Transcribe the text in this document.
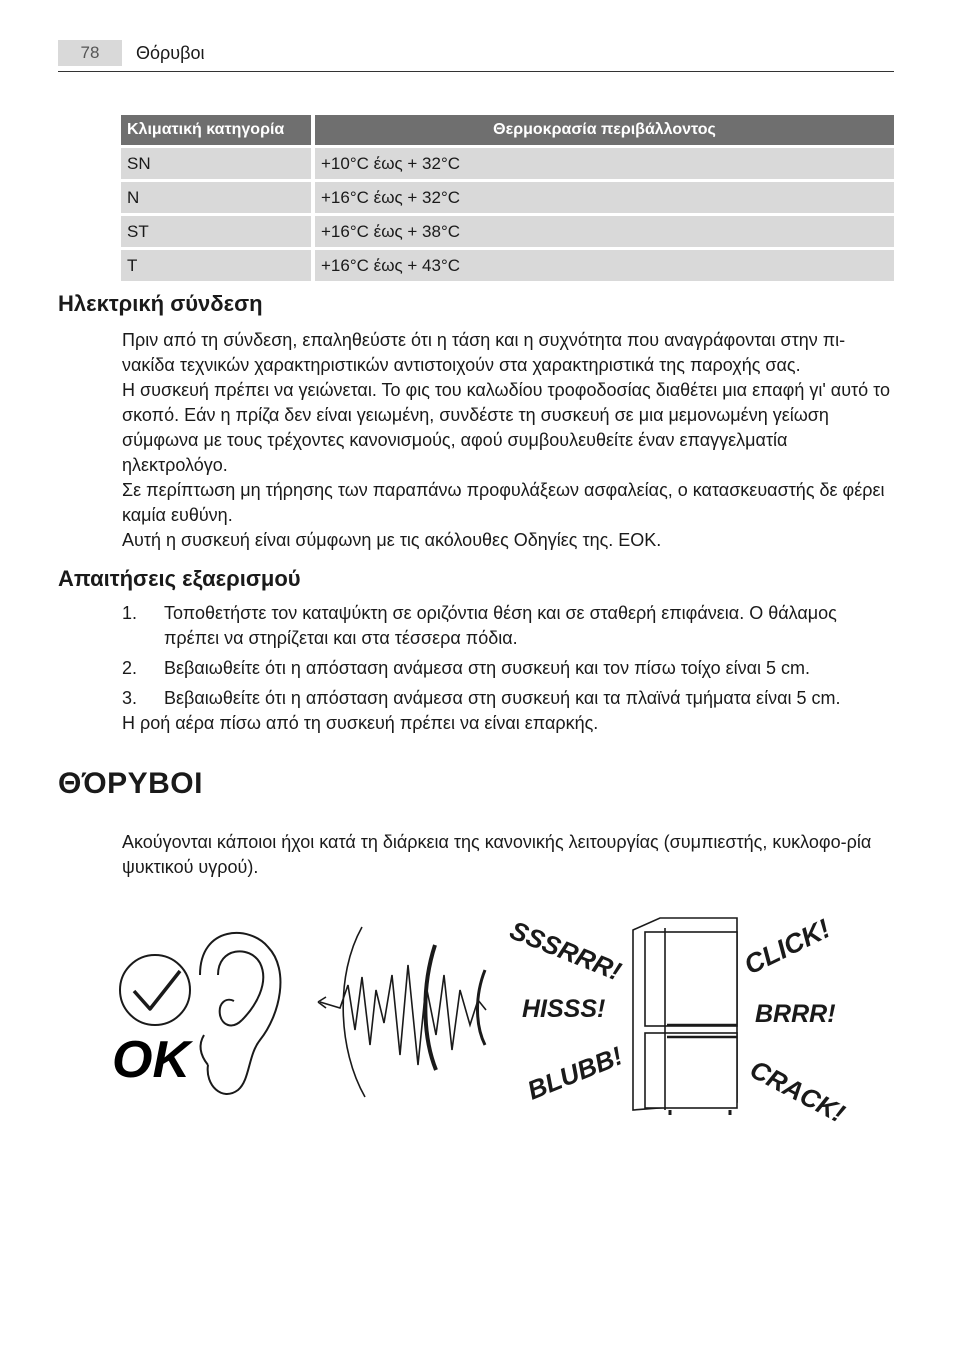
78	Θόρυβοι
Κλιματική κατηγορία	Θερμοκρασία περιβάλλοντος
SN	+10°C έως + 32°C
N	+16°C έως + 32°C
ST	+16°C έως + 38°C
T	+16°C έως + 43°C
Ηλεκτρική σύνδεση

Πριν από τη σύνδεση, επαληθεύστε ότι η τάση και η συχνότητα που αναγράφονται στην πι-νακίδα τεχνικών χαρακτηριστικών αντιστοιχούν στα χαρακτηριστικά της παροχής σας.

Η συσκευή πρέπει να γειώνεται. Το φις του καλωδίου τροφοδοσίας διαθέτει μια επαφή γι' αυτό το σκοπό. Εάν η πρίζα δεν είναι γειωμένη, συνδέστε τη συσκευή σε μια μεμονωμένη γείωση σύμφωνα με τους τρέχοντες κανονισμούς, αφού συμβουλευθείτε έναν επαγγελματία ηλεκτρολόγο.

Σε περίπτωση μη τήρησης των παραπάνω προφυλάξεων ασφαλείας, ο κατασκευαστής δε φέρει καμία ευθύνη.

Αυτή η συσκευή είναι σύμφωνη με τις ακόλουθες Οδηγίες της. ΕΟΚ.

Απαιτήσεις εξαερισμού
1. Τοποθετήστε τον καταψύκτη σε οριζόντια θέση και σε σταθερή επιφάνεια. Ο θάλαμος πρέπει να στηρίζεται και στα τέσσερα πόδια.
2. Βεβαιωθείτε ότι η απόσταση ανάμεσα στη συσκευή και τον πίσω τοίχο είναι 5 cm.
3. Βεβαιωθείτε ότι η απόσταση ανάμεσα στη συσκευή και τα πλαϊνά τμήματα είναι 5 cm.
Η ροή αέρα πίσω από τη συσκευή πρέπει να είναι επαρκής.
ΘΌΡΥΒΟΙ
Ακούγονται κάποιοι ήχοι κατά τη διάρκεια της κανονικής λειτουργίας (συμπιεστής, κυκλοφο-ρία ψυκτικού υγρού).
OK
SSSRRR!
HISSS!
BLUBB!
CLICK!
BRRR!
CRACK!
